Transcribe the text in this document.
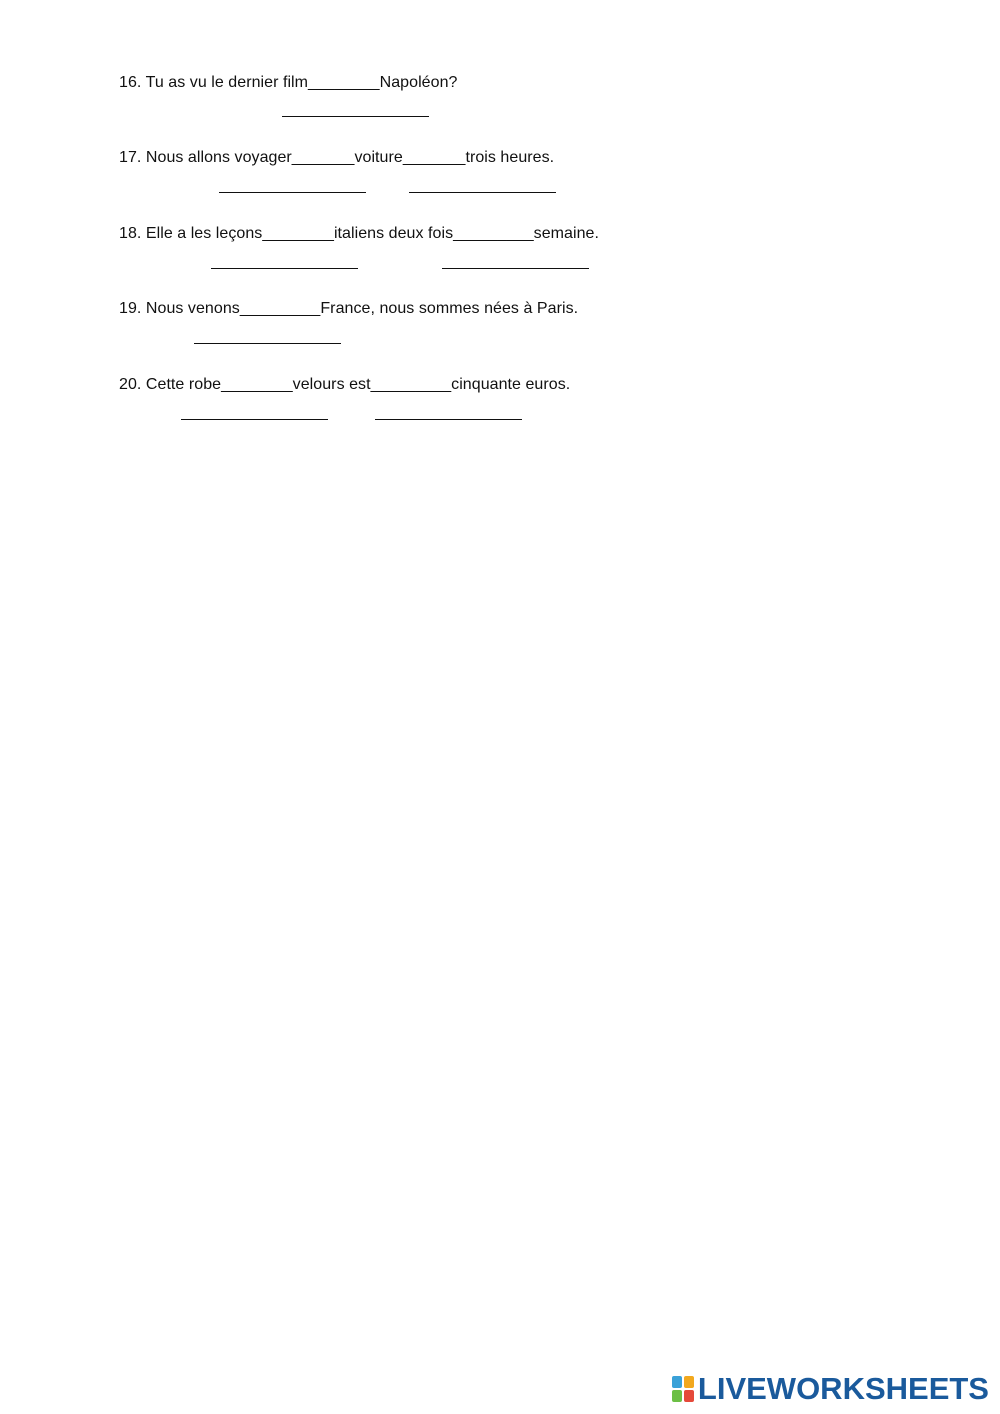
16. Tu as vu le dernier film________Napoléon?
17. Nous allons voyager_______voiture_______trois heures.
18. Elle a les leçons________italiens deux fois_________semaine.
19. Nous venons_________France, nous sommes nées à Paris.
20. Cette robe________velours est_________cinquante euros.
LIVEWORKSHEETS
